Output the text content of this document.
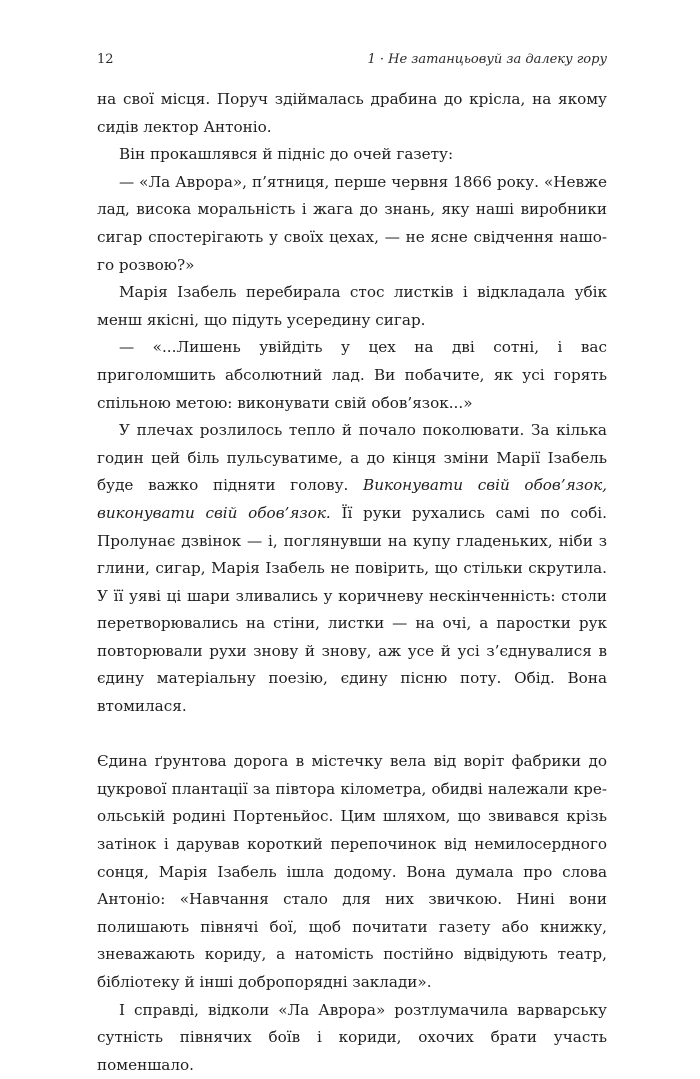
12	1 · Не затанцьовуй за далеку гору

на свої місця. Поруч здіймалась драбина до крісла, на якому сидів лектор Антоніо.

Він прокашлявся й підніс до очей газету:

— «Ла Аврора», п’ятниця, перше червня 1866 року. «Невже лад, висока моральність і жага до знань, яку наші виробники сигар спостерігають у своїх цехах, — не ясне свідчення нашого розвою?»

Марія Ізабель перебирала стос листків і відкладала убік менш якісні, що підуть усередину сигар.

— «...Лишень увійдіть у цех на дві сотні, і вас приголомшить абсолютний лад. Ви побачите, як усі горять спільною метою: виконувати свій обов’язок...»

У плечах розлилось тепло й почало поколювати. За кілька годин цей біль пульсуватиме, а до кінця зміни Марії Ізабель буде важко підняти голову. Виконувати свій обов’язок, виконувати свій обов’язок. Її руки рухались самі по собі. Пролунає дзвінок — і, поглянувши на купу гладеньких, ніби з глини, сигар, Марія Ізабель не повірить, що стільки скрутила. У її уяві ці шари зливались у коричневу нескінченність: столи перетворювались на стіни, листки — на очі, а паростки рук повторювали рухи знову й знову, аж усе й усі з’єднувалися в єдину матеріальну поезію, єдину пісню поту. Обід. Вона втомилася.

Єдина ґрунтова дорога в містечку вела від воріт фабрики до цукрової плантації за півтора кілометра, обидві належали креольській родині Портеньйос. Цим шляхом, що звивався крізь затінок і дарував короткий перепочинок від немилосердного сонця, Марія Ізабель ішла додому. Вона думала про слова Антоніо: «Навчання стало для них звичкою. Нині вони полишають півнячі бої, щоб почитати газету або книжку, зневажають кориду, а натомість постійно відвідують театр, бібліотеку й інші добропорядні заклади».

І справді, відколи «Ла Аврора» розтлумачила варварську сутність півнячих боїв і кориди, охочих брати участь поменшало.
